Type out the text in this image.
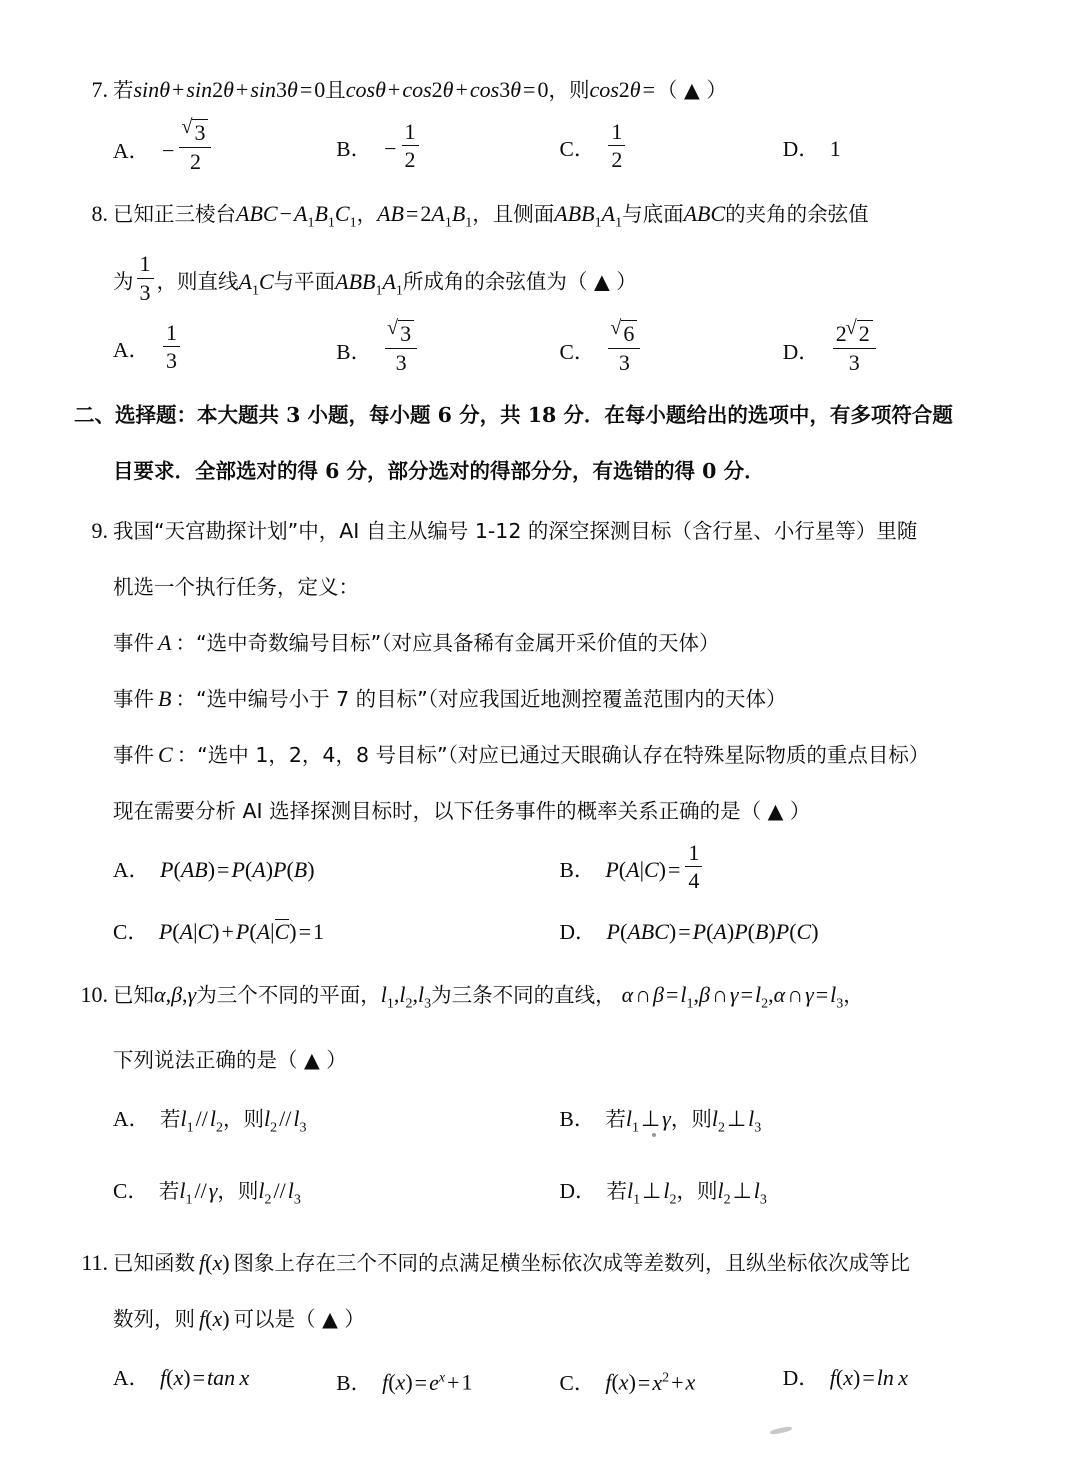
7. 若sinθ+sin2θ+sin3θ=0且cosθ+cos2θ+cos3θ=0，则cos2θ=（ ▲ ）
A． − √ $\frac{3}{2}$	B． − $\frac{1}{2}$	C． $\frac{1}{2}$	D． 1
8. 已知正三棱台$ABC-A_1B_1C_1$，$AB=2A_1B_1$，且侧面$ABB_1A_1$与底面ABC的夹角的余弦值
为 $\frac{1}{3}$ ，则直线$A_1C$与平面$ABB_1A_1$所成角的余弦值为（ ▲ ）
A． $\frac{1}{3}$	B． √ $\frac{3}{3}$	C． √ $\frac{6}{3}$	D． $\frac{2 √ 2}{3}$
二、选择题：本大题共 3 小题，每小题 6 分，共 18 分．在每小题给出的选项中，有多项符合题
目要求．全部选对的得 6 分，部分选对的得部分分，有选错的得 0 分．
9. 我国“天宫勘探计划”中，AI 自主从编号 1-12 的深空探测目标（含行星、小行星等）里随
机选一个执行任务，定义：
事件 A ：“选中奇数编号目标”（对应具备稀有金属开采价值的天体）
事件 B ：“选中编号小于 7 的目标”（对应我国近地测控覆盖范围内的天体）
事件 C ：“选中 1，2，4，8 号目标”（对应已通过天眼确认存在特殊星际物质的重点目标）
现在需要分析 AI 选择探测目标时，以下任务事件的概率关系正确的是（ ▲ ）
A． P(AB)=P(A)P(B)	B． $P(A|C)= \frac{1}{4}$
C． P(A|C)+P(A|C)=1	D． P(ABC)=P(A)P(B)P(C)
10. 已知α,β,γ为三个不同的平面，$l_1,l_2,l_3$为三条不同的直线， $\alpha\cap\beta=l_1,\beta\cap\gamma=l_2,\alpha\cap\gamma=l_3$，
下列说法正确的是（ ▲ ）
A． 若$l_1//l_2$，则$l_2//l_3$	B． 若$l_1\perp\gamma$，则$l_2\perp l_3$
C． 若$l_1//\gamma$，则$l_2//l_3$	D． 若$l_1\perp l_2$，则$l_2\perp l_3$
11. 已知函数 f(x) 图象上存在三个不同的点满足横坐标依次成等差数列，且纵坐标依次成等比
数列，则 f(x) 可以是（ ▲ ）
A． f(x)=tan x	B． $f(x)=e^x+1$	C． $f(x)=x^2+x$	D． f(x)=ln x
